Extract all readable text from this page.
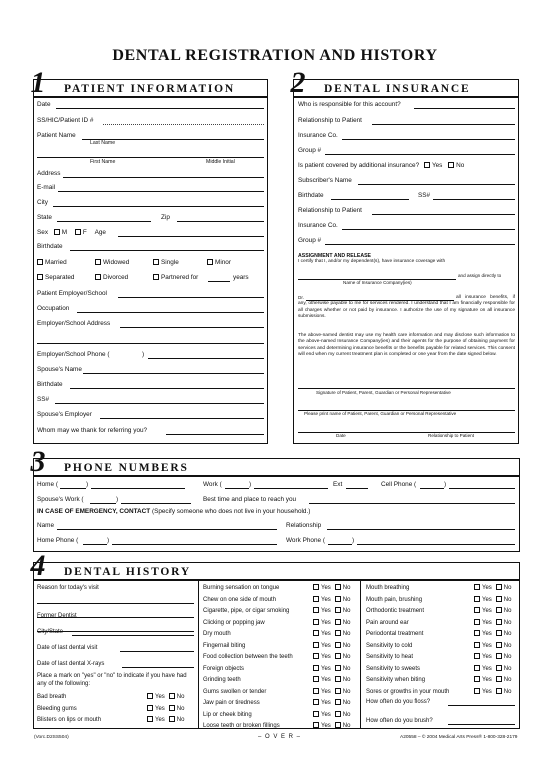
DENTAL REGISTRATION AND HISTORY
1	PATIENT INFORMATION 2	DENTAL INSURANCE
Date
SS/HIC/Patient ID #
Patient Name
Last Name
First Name	Middle Initial
Address
E-mail
City
State	Zip
Sex M F Age
Birthdate
Married	Widowed	Single	Minor
Separated	Divorced	Partnered for	years
Patient Employer/School
Occupation
Employer/School Address
Employer/School Phone (	)
Spouse's Name
Birthdate
SS#
Spouse's Employer
Whom may we thank for referring you?
Who is responsible for this account?
Relationship to Patient
Insurance Co.
Group #
Is patient covered by additional insurance? Yes No
Subscriber's Name
Birthdate	SS#
Relationship to Patient
Insurance Co.
Group #
ASSIGNMENT AND RELEASE
I certify that I, and/or my dependent(s), have insurance coverage with
and assign directly to
Name of Insurance Company(ies)
Dr.	all insurance benefits, if any, otherwise payable to me for services rendered. I understand that I am financially responsible for all charges whether or not paid by insurance. I authorize the use of my signature on all insurance submissions.
The above-named dentist may use my health care information and may disclose such information to the above-named Insurance Company(ies) and their agents for the purpose of obtaining payment for services and determining insurance benefits or the benefits payable for related services. This consent will end when my current treatment plan is completed or one year from the date signed below.
Signature of Patient, Parent, Guardian or Personal Representative
Please print name of Patient, Parent, Guardian or Personal Representative
Date	Relationship to Patient
3	PHONE NUMBERS
Home (	)	Work (	)	Ext	Cell Phone (	)
Spouse's Work (	)	Best time and place to reach you
IN CASE OF EMERGENCY, CONTACT (Specify someone who does not live in your household.)
Name	Relationship
Home Phone (	)	Work Phone (	)
4	DENTAL HISTORY
Reason for today's visit
Former Dentist
City/State
Date of last dental visit
Date of last dental X-rays
Place a mark on "yes" or "no" to indicate if you have had any of the following:
Bad breath	Yes No
Bleeding gums	Yes No
Blisters on lips or mouth	Yes No
Burning sensation on tongue	Yes No
Chew on one side of mouth	Yes No
Cigarette, pipe, or cigar smoking	Yes No
Clicking or popping jaw	Yes No
Dry mouth	Yes No
Fingernail biting	Yes No
Food collection between the teeth	Yes No
Foreign objects	Yes No
Grinding teeth	Yes No
Gums swollen or tender	Yes No
Jaw pain or tiredness	Yes No
Lip or cheek biting	Yes No
Loose teeth or broken fillings	Yes No
Mouth breathing	Yes No
Mouth pain, brushing	Yes No
Orthodontic treatment	Yes No
Pain around ear	Yes No
Periodontal treatment	Yes No
Sensitivity to cold	Yes No
Sensitivity to heat	Yes No
Sensitivity to sweets	Yes No
Sensitivity when biting	Yes No
Sores or growths in your mouth	Yes No
How often do you floss?
How often do you brush?
(Vorc.D2SS504)	– O V E R –	A20558 – © 2004 Medical Arts Press® 1-800-328-2179
